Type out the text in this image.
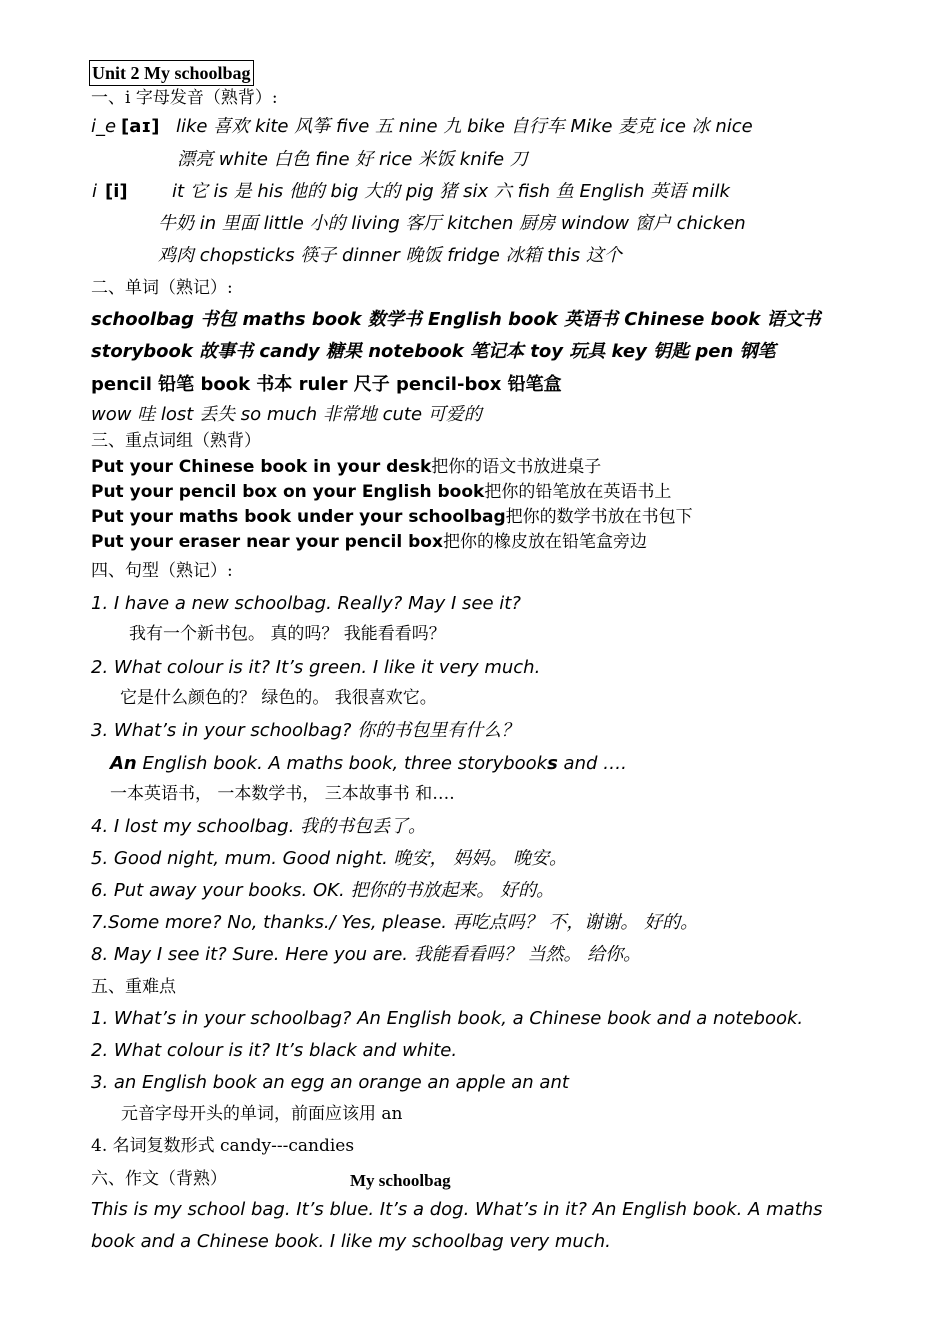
Unit 2 My schoolbag
一、i 字母发音（熟背）:
i_e [aɪ] like 喜欢 kite 风筝 five 五 nine 九 bike 自行车 Mike 麦克 ice 冰 nice
漂亮 white 白色 fine 好 rice 米饭 knife 刀
i [i] it 它 is 是 his 他的 big 大的 pig 猪 six 六 fish 鱼 English 英语 milk
牛奶 in 里面 little 小的 living 客厅 kitchen 厨房 window 窗户 chicken
鸡肉 chopsticks 筷子 dinner 晚饭 fridge 冰箱 this 这个
二、单词（熟记）:
schoolbag 书包 maths book 数学书 English book 英语书 Chinese book 语文书
storybook 故事书 candy 糖果 notebook 笔记本 toy 玩具 key 钥匙 pen 钢笔
pencil 铅笔 book 书本 ruler 尺子 pencil-box 铅笔盒
wow 哇 lost 丢失 so much 非常地 cute 可爱的
三、重点词组（熟背）
Put your Chinese book in your desk把你的语文书放进桌子
Put your pencil box on your English book把你的铅笔放在英语书上
Put your maths book under your schoolbag把你的数学书放在书包下
Put your eraser near your pencil box把你的橡皮放在铅笔盒旁边
四、句型（熟记）:
1. I have a new schoolbag. Really? May I see it?
我有一个新书包。 真的吗？ 我能看看吗？
2. What colour is it? It’s green. I like it very much.
它是什么颜色的？ 绿色的。 我很喜欢它。
3. What’s in your schoolbag? 你的书包里有什么？
An English book. A maths book, three storybooks and ….
一本英语书， 一本数学书， 三本故事书 和….
4. I lost my schoolbag. 我的书包丢了。
5. Good night, mum. Good night. 晚安， 妈妈。 晚安。
6. Put away your books. OK. 把你的书放起来。 好的。
7.Some more? No, thanks./ Yes, please. 再吃点吗？ 不，谢谢。 好的。
8. May I see it? Sure. Here you are. 我能看看吗？ 当然。 给你。
五、重难点
1. What’s in your schoolbag? An English book, a Chinese book and a notebook.
2. What colour is it? It’s black and white.
3. an English book an egg an orange an apple an ant
元音字母开头的单词，前面应该用 an
4. 名词复数形式 candy---candies
六、作文（背熟）	My schoolbag
This is my school bag. It’s blue. It’s a dog. What’s in it? An English book. A maths
book and a Chinese book. I like my schoolbag very much.
